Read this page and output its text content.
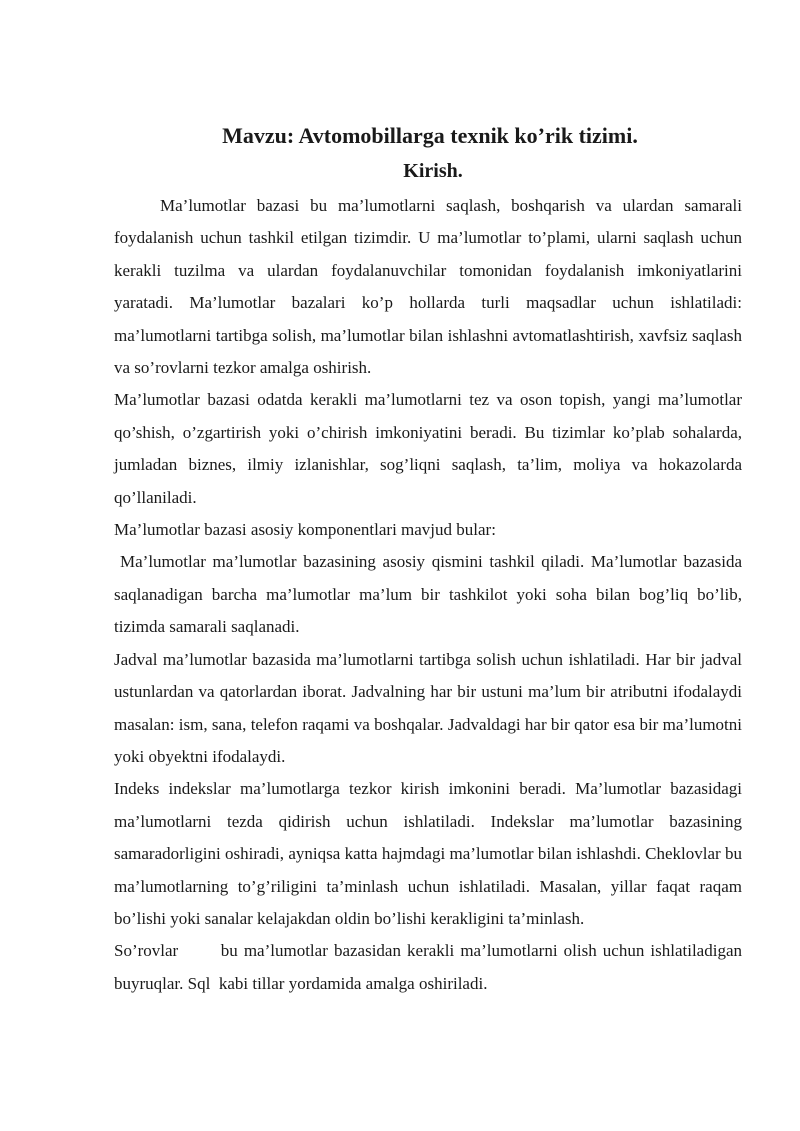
Mavzu: Avtomobillarga texnik ko’rik tizimi.
Kirish.

Ma’lumotlar bazasi bu ma’lumotlarni saqlash, boshqarish va ulardan samarali foydalanish uchun tashkil etilgan tizimdir. U ma’lumotlar to’plami, ularni saqlash uchun kerakli tuzilma va ulardan foydalanuvchilar tomonidan foydalanish imkoniyatlarini yaratadi. Ma’lumotlar bazalari ko’p hollarda turli maqsadlar uchun ishlatiladi: ma’lumotlarni tartibga solish, ma’lumotlar bilan ishlashni avtomatlashtirish, xavfsiz saqlash va so’rovlarni tezkor amalga oshirish.

Ma’lumotlar bazasi odatda kerakli ma’lumotlarni tez va oson topish, yangi ma’lumotlar qo’shish, o’zgartirish yoki o’chirish imkoniyatini beradi. Bu tizimlar ko’plab sohalarda, jumladan biznes, ilmiy izlanishlar, sog’liqni saqlash, ta’lim, moliya va hokazolarda qo’llaniladi.

Ma’lumotlar bazasi asosiy komponentlari mavjud bular:

Ma’lumotlar ma’lumotlar bazasining asosiy qismini tashkil qiladi. Ma’lumotlar bazasida saqlanadigan barcha ma’lumotlar ma’lum bir tashkilot yoki soha bilan bog’liq bo’lib, tizimda samarali saqlanadi.

Jadval ma’lumotlar bazasida ma’lumotlarni tartibga solish uchun ishlatiladi. Har bir jadval ustunlardan va qatorlardan iborat. Jadvalning har bir ustuni ma’lum bir atributni ifodalaydi masalan: ism, sana, telefon raqami va boshqalar. Jadvaldagi har bir qator esa bir ma’lumotni yoki obyektni ifodalaydi.

Indeks indekslar ma’lumotlarga tezkor kirish imkonini beradi. Ma’lumotlar bazasidagi ma’lumotlarni tezda qidirish uchun ishlatiladi. Indekslar ma’lumotlar bazasining samaradorligini oshiradi, ayniqsa katta hajmdagi ma’lumotlar bilan ishlashdi. Cheklovlar bu ma’lumotlarning to’g’riligini ta’minlash uchun ishlatiladi. Masalan, yillar faqat raqam bo’lishi yoki sanalar kelajakdan oldin bo’lishi kerakligini ta’minlash.

So’rovlar       bu ma’lumotlar bazasidan kerakli ma’lumotlarni olish uchun ishlatiladigan buyruqlar. Sql  kabi tillar yordamida amalga oshiriladi.
